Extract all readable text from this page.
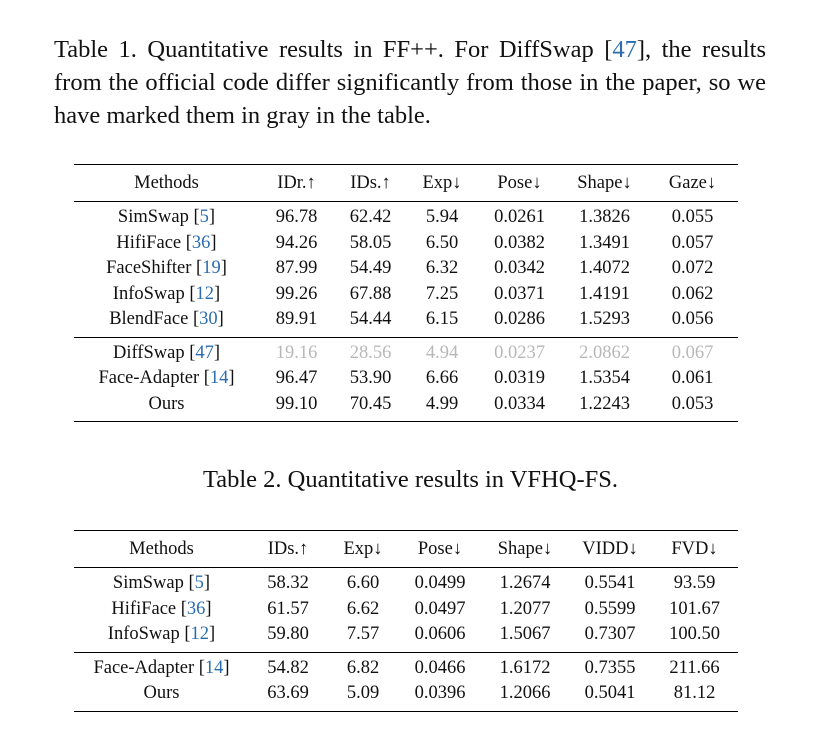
Table 1. Quantitative results in FF++. For DiffSwap [47], the results from the official code differ significantly from those in the paper, so we have marked them in gray in the table.
Methods	IDr.↑	IDs.↑	Exp↓	Pose↓	Shape↓	Gaze↓
SimSwap [5]	96.78	62.42	5.94	0.0261	1.3826	0.055
HifiFace [36]	94.26	58.05	6.50	0.0382	1.3491	0.057
FaceShifter [19]	87.99	54.49	6.32	0.0342	1.4072	0.072
InfoSwap [12]	99.26	67.88	7.25	0.0371	1.4191	0.062
BlendFace [30]	89.91	54.44	6.15	0.0286	1.5293	0.056
DiffSwap [47]	19.16	28.56	4.94	0.0237	2.0862	0.067
Face-Adapter [14]	96.47	53.90	6.66	0.0319	1.5354	0.061
Ours	99.10	70.45	4.99	0.0334	1.2243	0.053
Table 2. Quantitative results in VFHQ-FS.
Methods	IDs.↑	Exp↓	Pose↓	Shape↓	VIDD↓	FVD↓
SimSwap [5]	58.32	6.60	0.0499	1.2674	0.5541	93.59
HifiFace [36]	61.57	6.62	0.0497	1.2077	0.5599	101.67
InfoSwap [12]	59.80	7.57	0.0606	1.5067	0.7307	100.50
Face-Adapter [14]	54.82	6.82	0.0466	1.6172	0.7355	211.66
Ours	63.69	5.09	0.0396	1.2066	0.5041	81.12
